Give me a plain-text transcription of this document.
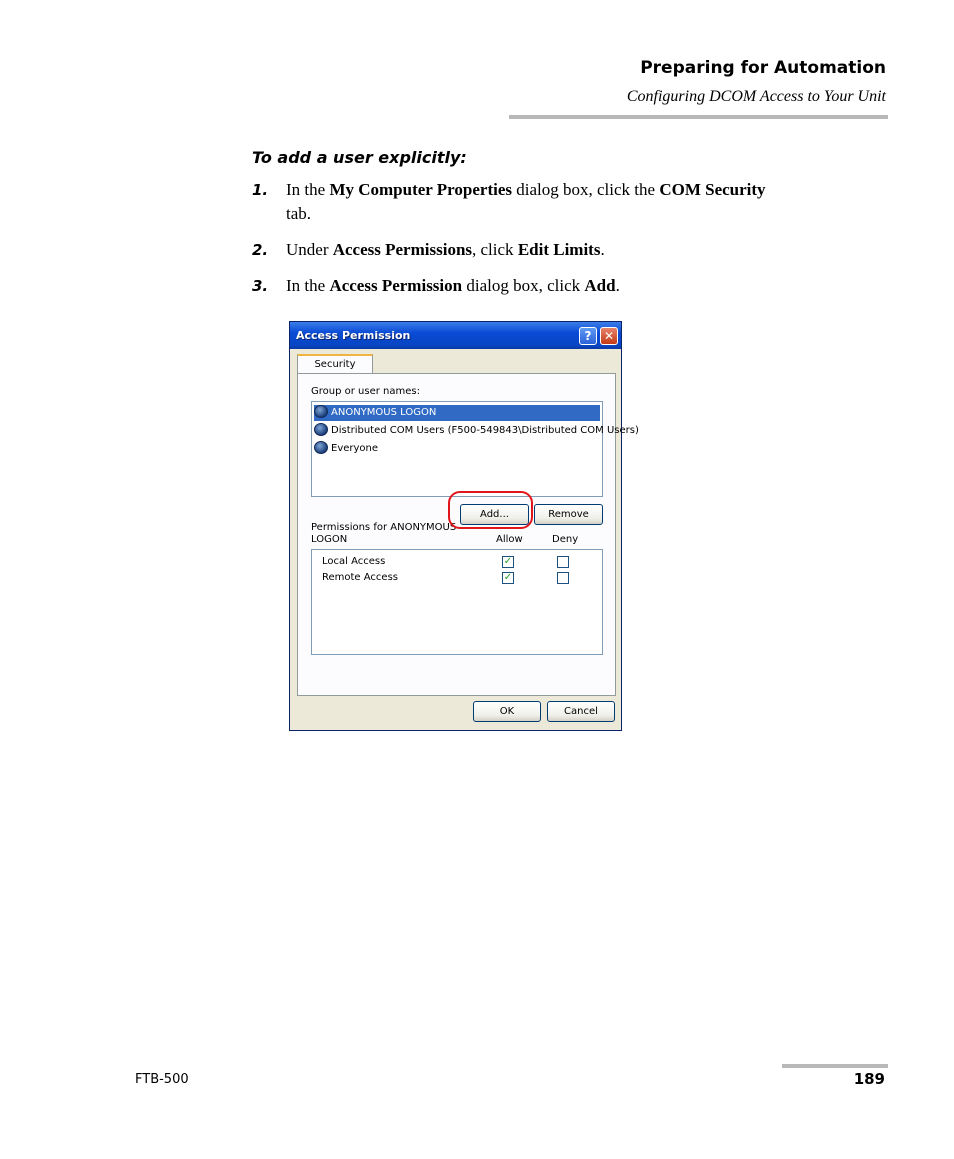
Preparing for Automation
Configuring DCOM Access to Your Unit
To add a user explicitly:
1. In the My Computer Properties dialog box, click the COM Security
tab.
2. Under Access Permissions, click Edit Limits.
3. In the Access Permission dialog box, click Add.
Access Permission	?	✕
Security
Group or user names:
ANONYMOUS LOGON
Distributed COM Users (F500-549843\Distributed COM Users)
Everyone
Add...	Remove
Permissions for ANONYMOUS
LOGON	Allow	Deny
Local Access	✓
Remote Access	✓
OK	Cancel
FTB-500	189
